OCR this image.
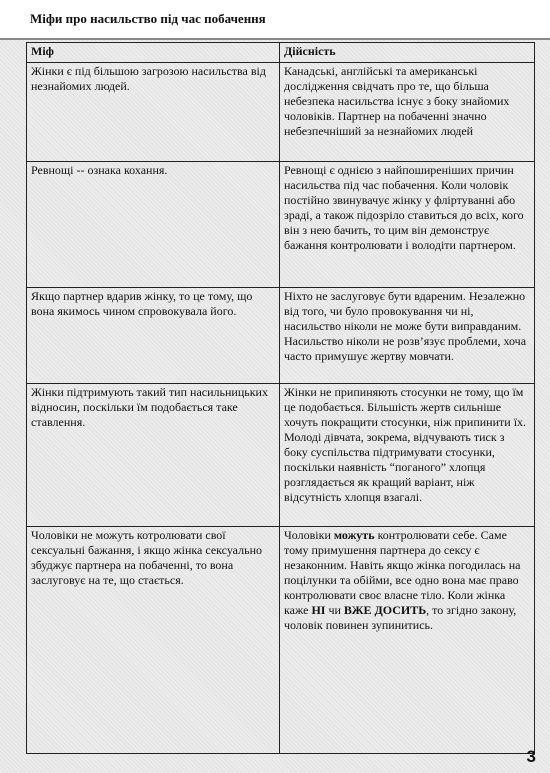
Міфи про насильство під час побачення
Міф	Дійсність
Жінки є під більшою загрозою насильства від незнайомих людей.	Канадські, англійські та американські дослідження свідчать про те, що більша небезпека насильства існує з боку знайомих чоловіків. Партнер на побаченні значно небезпечніший за незнайомих людей
Ревнощі -- ознака кохання.	Ревнощі є однією з найпоширеніших причин насильства під час побачення. Коли чоловік постійно звинувачує жінку у фліртуванні або зраді, а також підозріло ставиться до всіх, кого він з нею бачить, то цим він демонструє бажання контролювати і володіти партнером.
Якщо партнер вдарив жінку, то це тому, що вона якимось чином спровокувала його.	Ніхто не заслуговує бути вдареним. Незалежно від того, чи було провокування чи ні, насильство ніколи не може бути виправданим. Насильство ніколи не розв’язує проблеми, хоча часто примушує жертву мовчати.
Жінки підтримують такий тип насильницьких відносин, поскільки їм подобається таке ставлення.	Жінки не припиняють стосунки не тому, що їм це подобається. Більшість жертв сильніше хочуть покращити стосунки, ніж припинити їх. Молоді дівчата, зокрема, відчувають тиск з боку суспільства підтримувати стосунки, поскільки наявність “поганого” хлопця розглядається як кращий варіант, ніж відсутність хлопця взагалі.
Чоловіки не можуть котролювати свої сексуальні бажання, і якщо жінка сексуально збуджує партнера на побаченні, то вона заслуговує на те, що стається.	Чоловіки можуть контролювати себе. Саме тому примушення партнера до сексу є незаконним. Навіть якщо жінка погодилась на поцілунки та обійми, все одно вона має право контролювати своє власне тіло. Коли жінка каже НІ чи ВЖЕ ДОСИТЬ, то згідно закону, чоловік повинен зупинитись.
3
